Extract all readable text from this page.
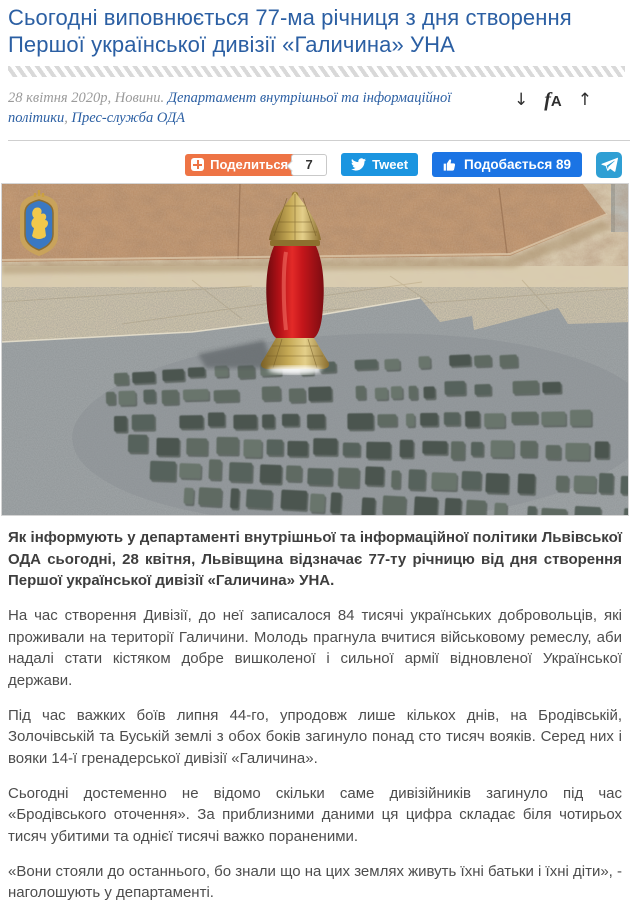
Сьогодні виповнюється 77-ма річниця з дня створення Першої української дивізії «Галичина» УНА
28 квітня 2020р, Новини. Департамент внутрішньої та інформаційної політики, Прес-служба ОДА
↓ f A ↑
Поделиться	7	Tweet	Подобається 89

Як інформують у департаменті внутрішньої та інформаційної політики Львівської ОДА сьогодні, 28 квітня, Львівщина відзначає 77-ту річницю від дня створення Першої української дивізії «Галичина» УНА.

На час створення Дивізії, до неї записалося 84 тисячі українських добровольців, які проживали на території Галичини. Молодь прагнула вчитися військовому ремеслу, аби надалі стати кістяком добре вишколеної і сильної армії відновленої Української держави.

Під час важких боїв липня 44-го, упродовж лише кількох днів, на Бродівській, Золочівській та Буській землі з обох боків загинуло понад сто тисяч вояків. Серед них і вояки 14-ї гренадерської дивізії «Галичина».

Сьогодні достеменно не відомо скільки саме дивізійників загинуло під час «Бродівського оточення». За приблизними даними ця цифра складає біля чотирьох тисяч убитими та однієї тисячі важко пораненими.

«Вони стояли до останнього, бо знали що на цих землях живуть їхні батьки і їхні діти», - наголошують у департаменті.
